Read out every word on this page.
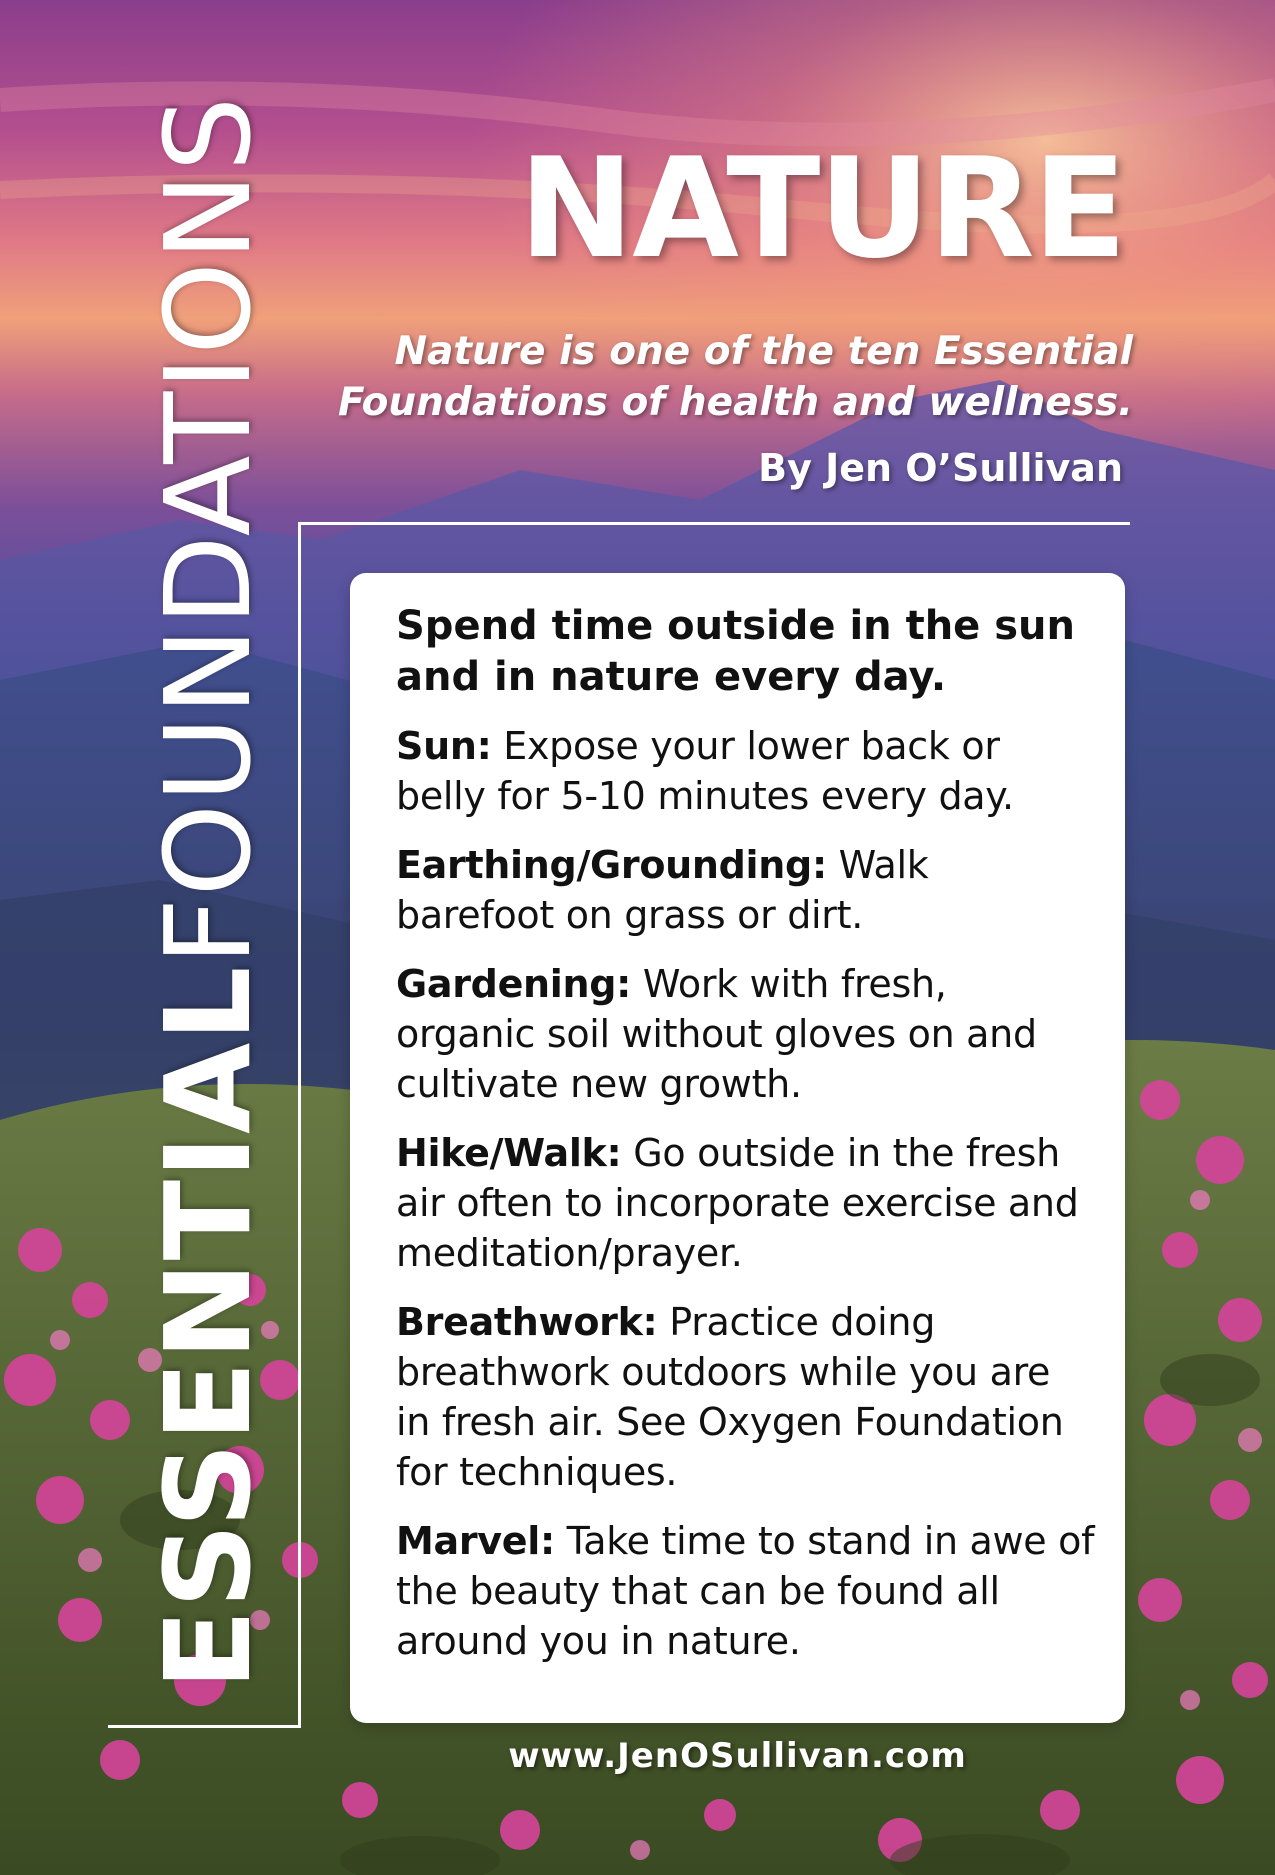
ESSENTIALFOUNDATIONS NATURE
Nature is one of the ten Essential
Foundations of health and wellness.
By Jen O’Sullivan

Spend time outside in the sun and in nature every day.

Sun: Expose your lower back or belly for 5-10 minutes every day.

Earthing/Grounding: Walk barefoot on grass or dirt.

Gardening: Work with fresh, organic soil without gloves on and cultivate new growth.

Hike/Walk: Go outside in the fresh air often to incorporate exercise and meditation/prayer.

Breathwork: Practice doing breathwork outdoors while you are in fresh air. See Oxygen Foundation for techniques.

Marvel: Take time to stand in awe of the beauty that can be found all around you in nature.

www.JenOSullivan.com
